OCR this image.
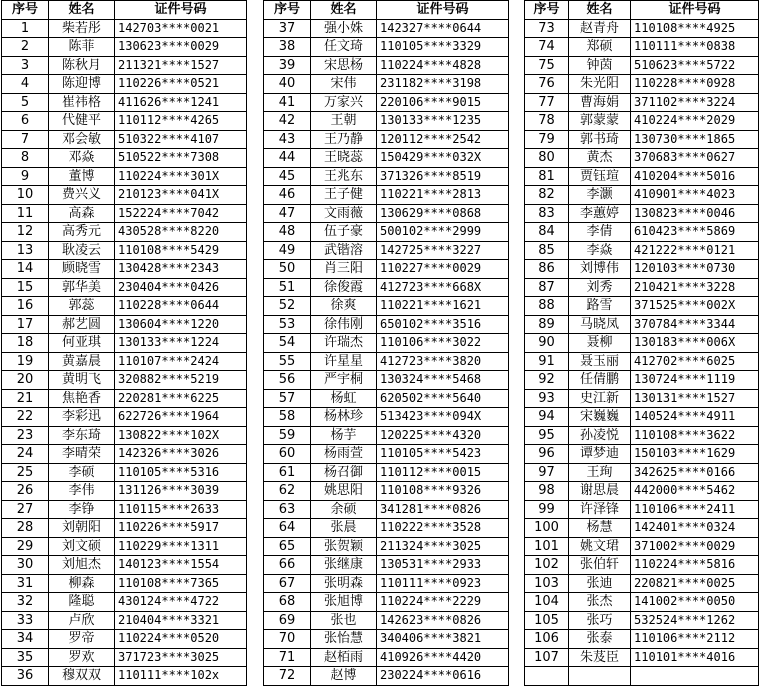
序号	姓名	证件号码
1	柴若彤	142703****0021
2	陈菲	130623****0029
3	陈秋月	211321****1527
4	陈迎博	110226****0521
5	崔祎格	411626****1241
6	代健平	110112****4265
7	邓会敏	510322****4107
8	邓焱	510522****7308
9	董博	110224****301X
10	费兴义	210123****041X
11	高森	152224****7042
12	高秀元	430528****8220
13	耿凌云	110108****5429
14	顾晓雪	130428****2343
15	郭华美	230404****0426
16	郭蕊	110228****0644
17	郝艺圆	130604****1220
18	何亚琪	130133****1224
19	黄嘉晨	110107****2424
20	黄明飞	320882****5219
21	焦艳香	220281****6225
22	李彩迅	622726****1964
23	李东琦	130822****102X
24	李晴荣	142326****3026
25	李硕	110105****5316
26	李伟	131126****3039
27	李铮	110115****2633
28	刘朝阳	110226****5917
29	刘文硕	110229****1311
30	刘旭杰	140123****1554
31	柳森	110108****7365
32	隆聪	430124****4722
33	卢欣	210404****3321
34	罗帝	110224****0520
35	罗欢	371723****3025
36	穆双双	110111****102x
序号	姓名	证件号码
37	强小姝	142327****0644
38	任文琦	110105****3329
39	宋思杨	110224****4828
40	宋伟	231182****3198
41	万家兴	220106****9015
42	王朝	130133****1235
43	王乃静	120112****2542
44	王晓蕊	150429****032X
45	王兆东	371326****8519
46	王子健	110221****2813
47	文雨薇	130629****0868
48	伍子豪	500102****2999
49	武锴溶	142725****3227
50	肖三阳	110227****0029
51	徐俊霞	412723****668X
52	徐爽	110221****1621
53	徐伟刚	650102****3516
54	许瑞杰	110106****3022
55	许星星	412723****3820
56	严宇桐	130324****5468
57	杨虹	620502****5640
58	杨林珍	513423****094X
59	杨芋	120225****4320
60	杨雨萱	110105****5423
61	杨召御	110112****0015
62	姚思阳	110108****9326
63	余硕	341281****0826
64	张晨	110222****3528
65	张贺颖	211324****3025
66	张继康	130531****2933
67	张明森	110111****0923
68	张旭博	110224****2229
69	张也	142623****0826
70	张怡慧	340406****3821
71	赵栢雨	410926****4420
72	赵博	230224****0616
序号	姓名	证件号码
73	赵青舟	110108****4925
74	郑硕	110111****0838
75	钟茵	510623****5722
76	朱光阳	110228****0928
77	曹海娟	371102****3224
78	郭蒙蒙	410224****2029
79	郭书琦	130730****1865
80	黄杰	370683****0627
81	贾钰瑄	410204****5016
82	李灏	410901****4023
83	李蕙婷	130823****0046
84	李倩	610423****5869
85	李焱	421222****0121
86	刘博伟	120103****0730
87	刘秀	210421****3228
88	路雪	371525****002X
89	马晓凤	370784****3344
90	聂柳	130183****006X
91	聂玉丽	412702****6025
92	任倩鹏	130724****1119
93	史江新	130131****1527
94	宋巍巍	140524****4911
95	孙凌悦	110108****3622
96	谭梦迪	150103****1629
97	王珣	342625****0166
98	谢思晨	442000****5462
99	许泽锋	110106****2411
100	杨慧	142401****0324
101	姚文珺	371002****0029
102	张伯轩	110224****5816
103	张迪	220821****0025
104	张杰	141002****0050
105	张巧	532524****1262
106	张泰	110106****2112
107	朱芨臣	110101****4016
